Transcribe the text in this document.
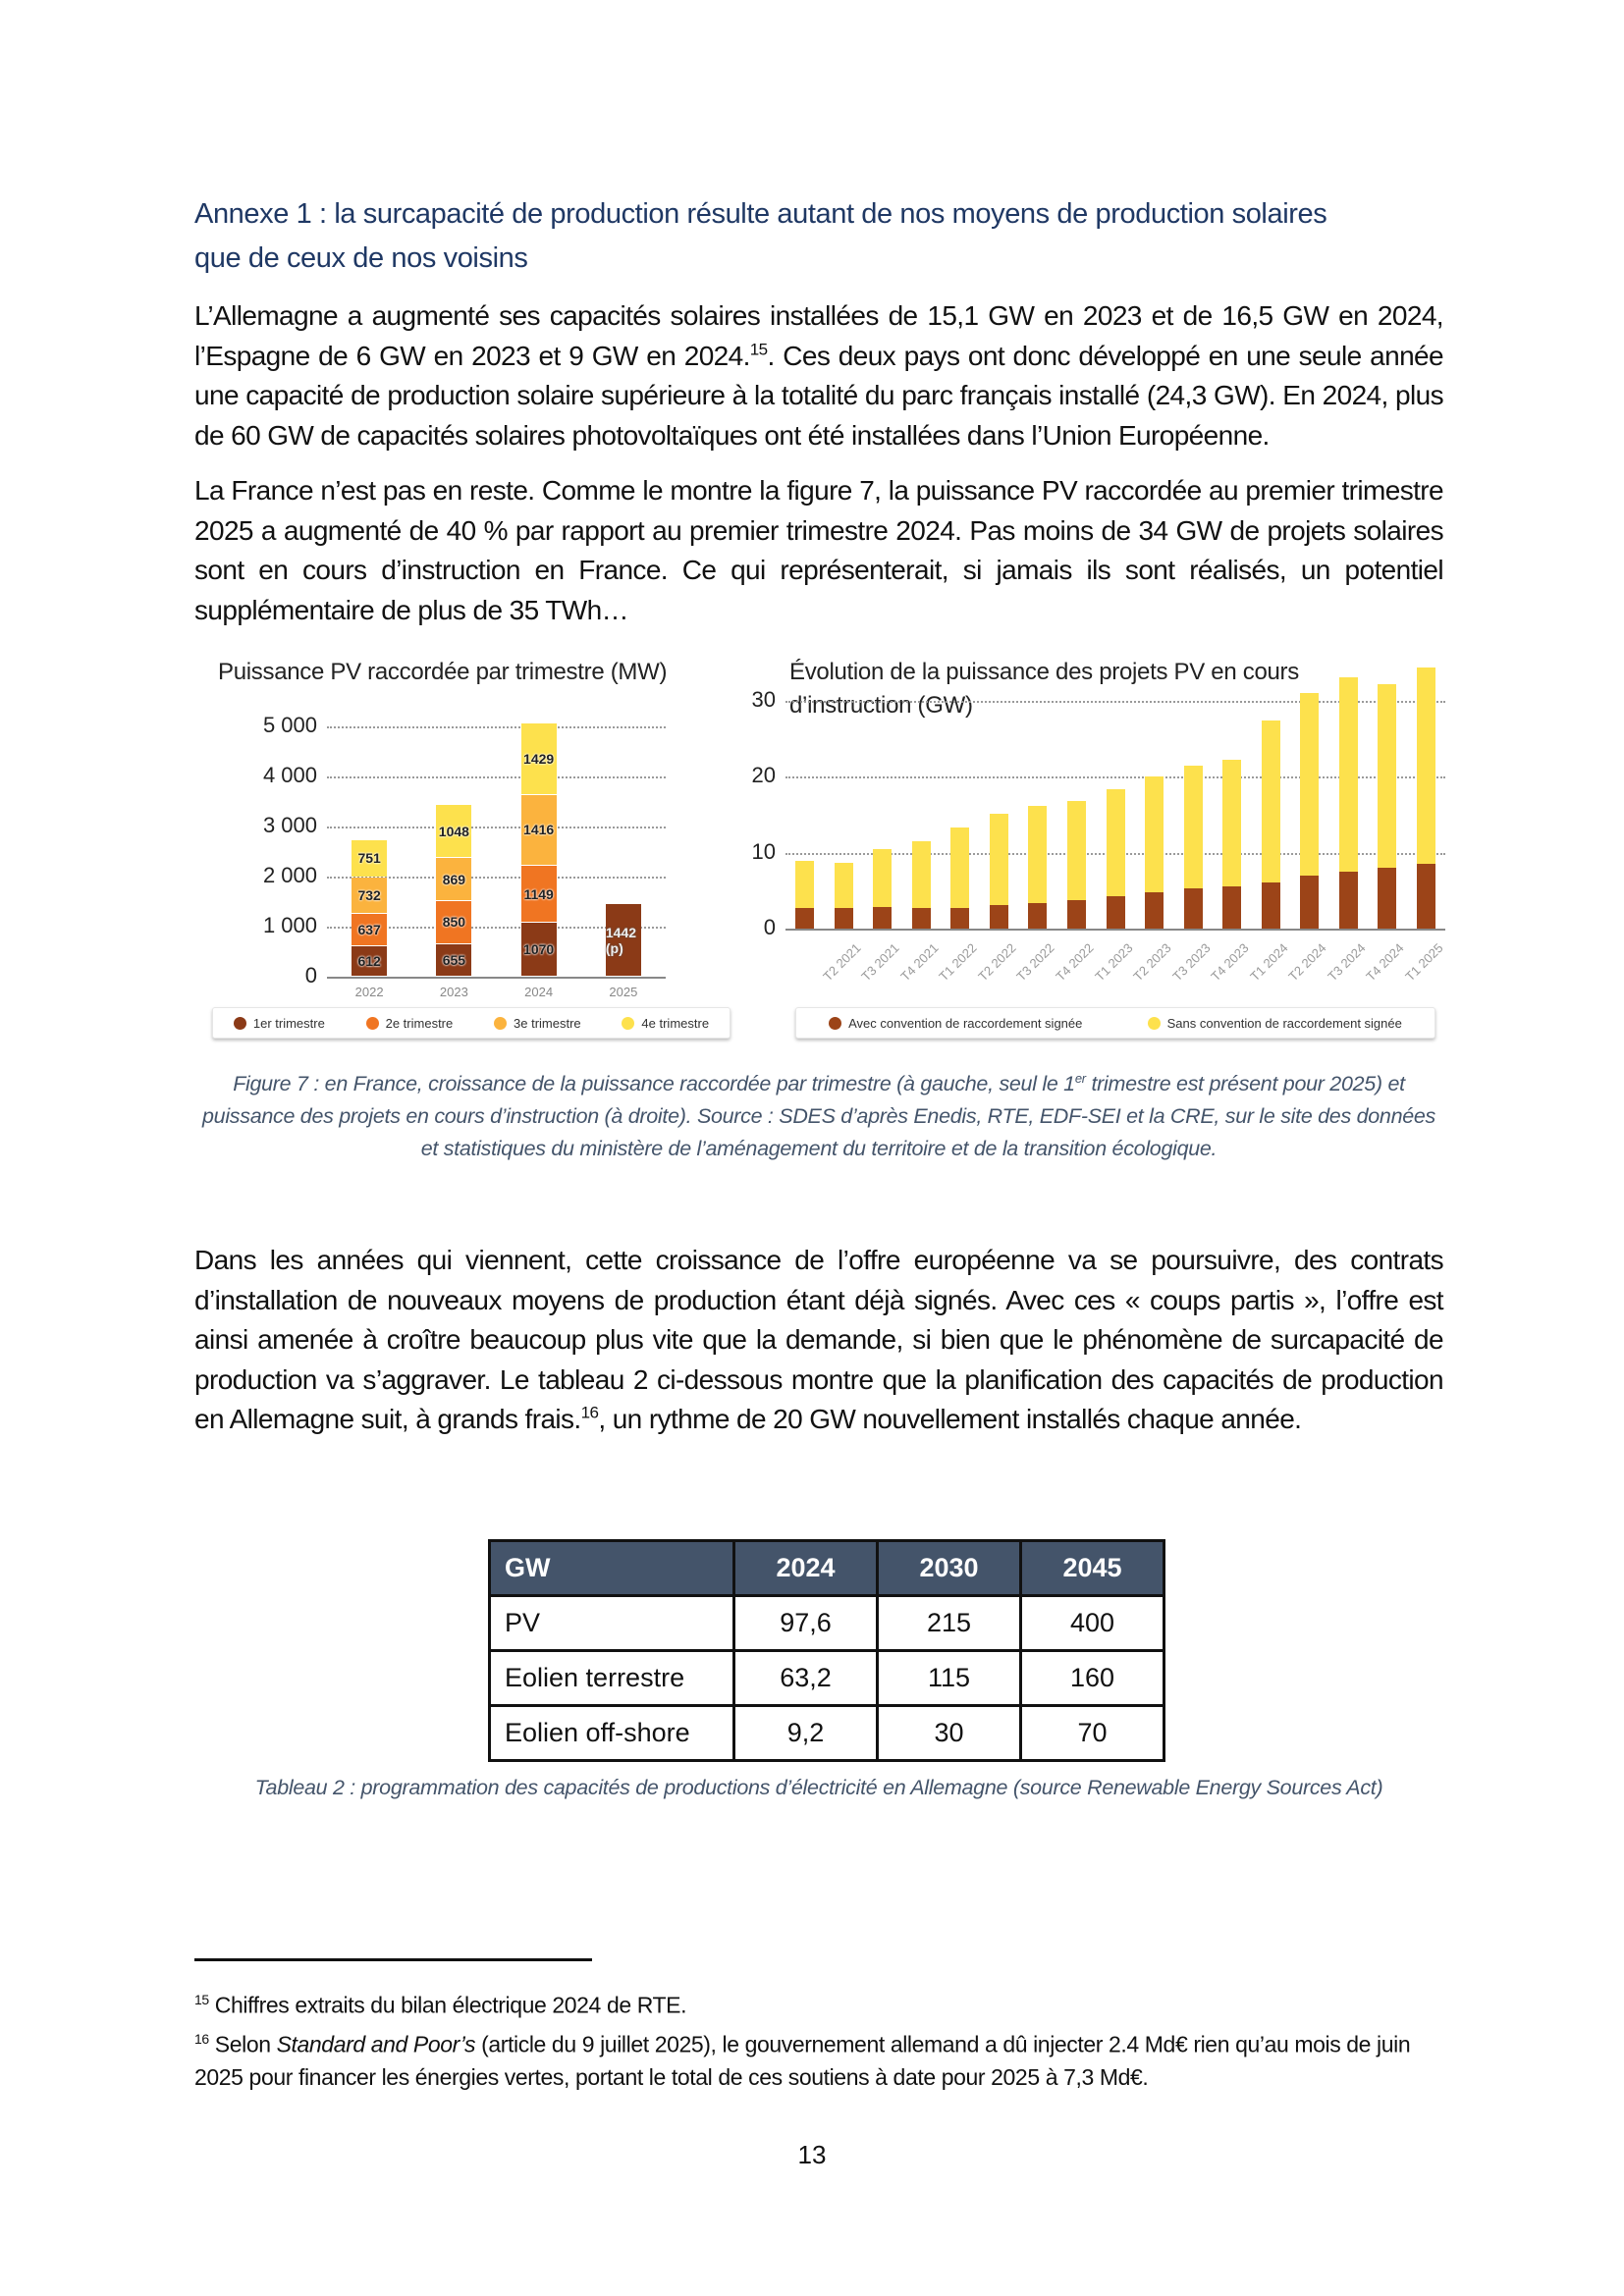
Annexe 1 : la surcapacité de production résulte autant de nos moyens de production solaires
que de ceux de nos voisins

L’Allemagne a augmenté ses capacités solaires installées de 15,1 GW en 2023 et de 16,5 GW en 2024, l’Espagne de 6 GW en 2023 et 9 GW en 2024.15. Ces deux pays ont donc développé en une seule année une capacité de production solaire supérieure à la totalité du parc français installé (24,3 GW). En 2024, plus de 60 GW de capacités solaires photovoltaïques ont été installées dans l’Union Européenne.

La France n’est pas en reste. Comme le montre la figure 7, la puissance PV raccordée au premier trimestre 2025 a augmenté de 40 % par rapport au premier trimestre 2024. Pas moins de 34 GW de projets solaires sont en cours d’instruction en France. Ce qui représenterait, si jamais ils sont réalisés, un potentiel supplémentaire de plus de 35 TWh…

Dans les années qui viennent, cette croissance de l’offre européenne va se poursuivre, des contrats d’installation de nouveaux moyens de production étant déjà signés. Avec ces « coups partis », l’offre est ainsi amenée à croître beaucoup plus vite que la demande, si bien que le phénomène de surcapacité de production va s’aggraver. Le tableau 2 ci-dessous montre que la planification des capacités de production en Allemagne suit, à grands frais.$^{16}$, un rythme de 20 GW nouvellement installés chaque année.

Figure 7 : en France, croissance de la puissance raccordée par trimestre (à gauche, seul le 1er trimestre est présent pour 2025) et puissance des projets en cours d’instruction (à droite). Source : SDES d’après Enedis, RTE, EDF-SEI et la CRE, sur le site des données et statistiques du ministère de l’aménagement du territoire et de la transition écologique.
Tableau 2 : programmation des capacités de productions d’électricité en Allemagne (source Renewable Energy Sources Act)
Puissance PV raccordée par trimestre (MW)
0
1 000
2 000
3 000
4 000
5 000
612
637
732
751
2022
655
850
869
1048
2023
1070
1149
1416
1429
2024
1442 (p)
2025
1er trimestre	2e trimestre	3e trimestre	4e trimestre
Évolution de la puissance des projets PV en cours d’instruction (GW)
0
10
20
30
T2 2021
T3 2021
T4 2021
T1 2022
T2 2022
T3 2022
T4 2022
T1 2023
T2 2023
T3 2023
T4 2023
T1 2024
T2 2024
T3 2024
T4 2024
T1 2025
Avec convention de raccordement signée	Sans convention de raccordement signée
GW	2024	2030	2045
PV	97,6	215	400
Eolien terrestre	63,2	115	160
Eolien off-shore	9,2	30	70
$^{15}$ Chiffres extraits du bilan électrique 2024 de RTE.
$^{16}$ Selon Standard and Poor’s (article du 9 juillet 2025), le gouvernement allemand a dû injecter 2.4 Md€ rien qu’au mois de juin 2025 pour financer les énergies vertes, portant le total de ces soutiens à date pour 2025 à 7,3 Md€.
13
